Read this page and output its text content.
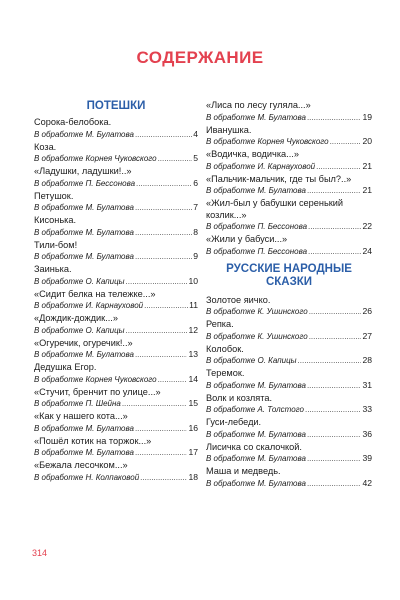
СОДЕРЖАНИЕ
ПОТЕШКИ
Сорока-белобока.
В обработке М. Булатова .....	4
Коза.
В обработке Корнея Чуковского .....	5
«Ладушки, ладушки!..»
В обработке П. Бессонова .....	6
Петушок.
В обработке М. Булатова .....	7
Кисонька.
В обработке М. Булатова .....	8
Тили-бом!
В обработке М. Булатова .....	9
Заинька.
В обработке О. Капицы .....	10
«Сидит белка на тележке...»
В обработке И. Карнауховой .....	11
«Дождик-дождик...»
В обработке О. Капицы .....	12
«Огуречик, огуречик!..»
В обработке М. Булатова .....	13
Дедушка Егор.
В обработке Корнея Чуковского .....	14
«Стучит, бренчит по улице...»
В обработке П. Шейна .....	15
«Как у нашего кота...»
В обработке М. Булатова .....	16
«Пошёл котик на торжок...»
В обработке М. Булатова .....	17
«Бежала лесочком...»
В обработке Н. Колпаковой .....	18
«Лиса по лесу гуляла...»
В обработке М. Булатова .....	19
Иванушка.
В обработке Корнея Чуковского .....	20
«Водичка, водичка...»
В обработке И. Карнауховой .....	21
«Пальчик-мальчик, где ты был?..»
В обработке М. Булатова .....	21
«Жил-был у бабушки серенький
козлик...»
В обработке П. Бессонова .....	22
«Жили у бабуси...»
В обработке П. Бессонова .....	24
РУССКИЕ НАРОДНЫЕ
СКАЗКИ
Золотое яичко.
В обработке К. Ушинского .....	26
Репка.
В обработке К. Ушинского .....	27
Колобок.
В обработке О. Капицы .....	28
Теремок.
В обработке М. Булатова .....	31
Волк и козлята.
В обработке А. Толстого .....	33
Гуси-лебеди.
В обработке М. Булатова .....	36
Лисичка со скалочкой.
В обработке М. Булатова .....	39
Маша и медведь.
В обработке М. Булатова .....	42
314
